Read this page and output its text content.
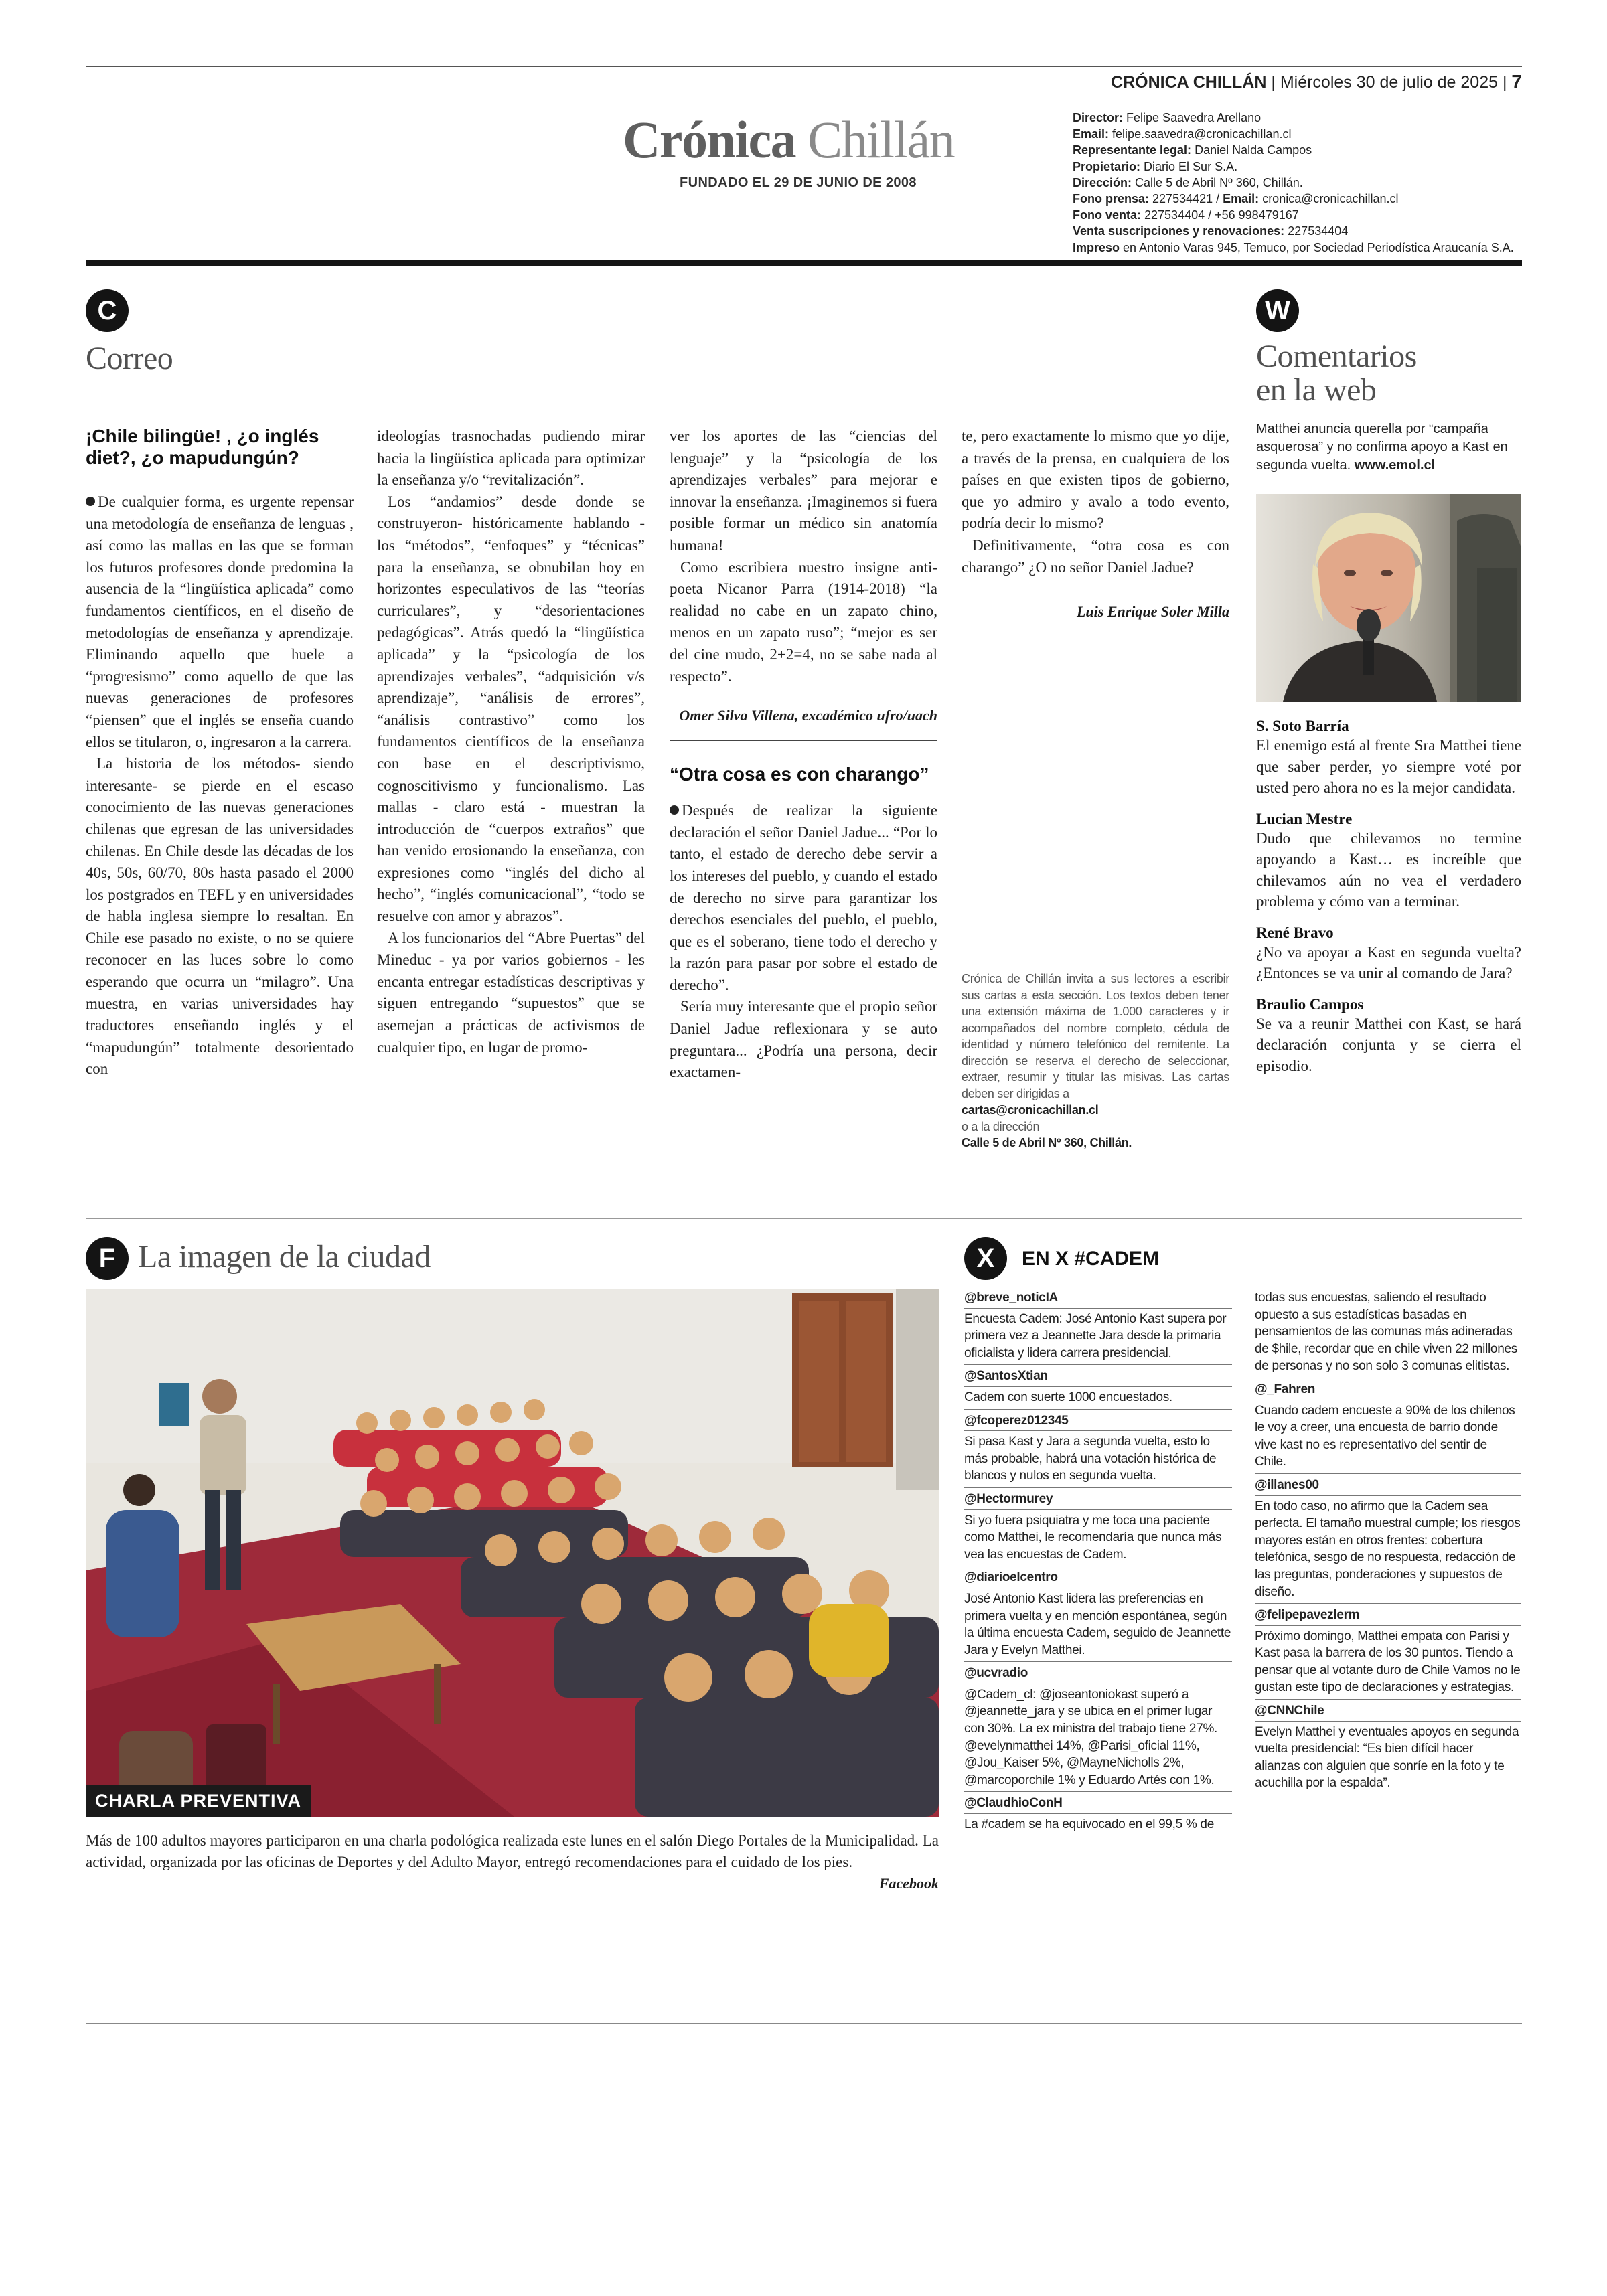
CRÓNICA CHILLÁN | Miércoles 30 de julio de 2025 | 7
Crónica Chillán
FUNDADO EL 29 DE JUNIO DE 2008
Director: Felipe Saavedra Arellano
Email: felipe.saavedra@cronicachillan.cl
Representante legal: Daniel Nalda Campos
Propietario: Diario El Sur S.A.
Dirección: Calle 5 de Abril Nº 360, Chillán.
Fono prensa: 227534421 / Email: cronica@cronicachillan.cl
Fono venta: 227534404 / +56 998479167
Venta suscripciones y renovaciones: 227534404
Impreso en Antonio Varas 945, Temuco, por Sociedad Periodística Araucanía S.A.
C
Correo
¡Chile bilingüe! , ¿o inglés diet?, ¿o mapudungún?

De cualquier forma, es urgente repensar una metodología de enseñanza de lenguas , así como las mallas en las que se forman los futuros profesores donde predomina la ausencia de la “lingüística aplicada” como fundamentos científicos, en el diseño de metodologías de enseñanza y aprendizaje. Eliminando aquello que huele a “progresismo” como aquello de que las nuevas generaciones de profesores “piensen” que el inglés se enseña cuando ellos se titularon, o, ingresaron a la carrera.

La historia de los métodos- siendo interesante- se pierde en el escaso conocimiento de las nuevas generaciones chilenas que egresan de las universidades chilenas. En Chile desde las décadas de los 40s, 50s, 60/70, 80s hasta pasado el 2000 los postgrados en TEFL y en universidades de habla inglesa siempre lo resaltan. En Chile ese pasado no existe, o no se quiere reconocer en las luces sobre lo como esperando que ocurra un “milagro”. Una muestra, en varias universidades hay traductores enseñando inglés y el “mapudungún” totalmente desorientado con

ideologías trasnochadas pudiendo mirar hacia la lingüística aplicada para optimizar la enseñanza y/o “revitalización”.

Los “andamios” desde donde se construyeron- históricamente hablando - los “métodos”, “enfoques” y “técnicas” para la enseñanza, se obnubilan hoy en horizontes especulativos de las “teorías curriculares”, y “desorientaciones pedagógicas”. Atrás quedó la “lingüística aplicada” y la “psicología de los aprendizajes verbales”, “adquisición v/s aprendizaje”, “análisis de errores”, “análisis contrastivo” como los fundamentos científicos de la enseñanza con base en el descriptivismo, cognoscitivismo y funcionalismo. Las mallas - claro está - muestran la introducción de “cuerpos extraños” que han venido erosionando la enseñanza, con expresiones como “inglés del dicho al hecho”, “inglés comunicacional”, “todo se resuelve con amor y abrazos”.

A los funcionarios del “Abre Puertas” del Mineduc - ya por varios gobiernos - les encanta entregar estadísticas descriptivas y siguen entregando “supuestos” que se asemejan a prácticas de activismos de cualquier tipo, en lugar de promo-

ver los aportes de las “ciencias del lenguaje” y la “psicología de los aprendizajes verbales” para mejorar e innovar la enseñanza. ¡Imaginemos si fuera posible formar un médico sin anatomía humana!

Como escribiera nuestro insigne anti-poeta Nicanor Parra (1914-2018) “la realidad no cabe en un zapato chino, menos en un zapato ruso”; “mejor es ser del cine mudo, 2+2=4, no se sabe nada al respecto”.

Omer Silva Villena, excadémico ufro/uach
“Otra cosa es con charango”

Después de realizar la siguiente declaración el señor Daniel Jadue... “Por lo tanto, el estado de derecho debe servir a los intereses del pueblo, y cuando el estado de derecho no sirve para garantizar los derechos esenciales del pueblo, el pueblo, que es el soberano, tiene todo el derecho y la razón para pasar por sobre el estado de derecho”.

Sería muy interesante que el propio señor Daniel Jadue reflexionara y se auto preguntara... ¿Podría una persona, decir exactamen-

te, pero exactamente lo mismo que yo dije, a través de la prensa, en cualquiera de los países en que existen tipos de gobierno, que yo admiro y avalo a todo evento, podría decir lo mismo?

Definitivamente, “otra cosa es con charango” ¿O no señor Daniel Jadue?

Luis Enrique Soler Milla
Crónica de Chillán invita a sus lectores a escribir sus cartas a esta sección. Los textos deben tener una extensión máxima de 1.000 caracteres y ir acompañados del nombre completo, cédula de identidad y número telefónico del remitente. La dirección se reserva el derecho de seleccionar, extraer, resumir y titular las misivas. Las cartas deben ser dirigidas a
cartas@cronicachillan.cl
o a la dirección
Calle 5 de Abril Nº 360, Chillán.
W
Comentarios
en la web
Matthei anuncia querella por “campaña asquerosa” y no confirma apoyo a Kast en segunda vuelta. www.emol.cl
S. Soto Barría
El enemigo está al frente Sra Matthei tiene que saber perder, yo siempre voté por usted pero ahora no es la mejor candidata.
Lucian Mestre
Dudo que chilevamos no termine apoyando a Kast… es increíble que chilevamos aún no vea el verdadero problema y cómo van a terminar.
René Bravo
¿No va apoyar a Kast en segunda vuelta? ¿Entonces se va unir al comando de Jara?
Braulio Campos
Se va a reunir Matthei con Kast, se hará declaración conjunta y se cierra el episodio.
F La imagen de la ciudad
CHARLA PREVENTIVA
Más de 100 adultos mayores participaron en una charla podológica realizada este lunes en el salón Diego Portales de la Municipalidad. La actividad, organizada por las oficinas de Deportes y del Adulto Mayor, entregó recomendaciones para el cuidado de los pies.
Facebook
X	EN X #CADEM
@breve_noticIA
Encuesta Cadem: José Antonio Kast supera por primera vez a Jeannette Jara desde la primaria oficialista y lidera carrera presidencial.
@SantosXtian
Cadem con suerte 1000 encuestados.
@fcoperez012345
Si pasa Kast y Jara a segunda vuelta, esto lo más probable, habrá una votación histórica de blancos y nulos en segunda vuelta.
@Hectormurey
Si yo fuera psiquiatra y me toca una paciente como Matthei, le recomendaría que nunca más vea las encuestas de Cadem.
@diarioelcentro
José Antonio Kast lidera las preferencias en primera vuelta y en mención espontánea, según la última encuesta Cadem, seguido de Jeannette Jara y Evelyn Matthei.
@ucvradio
@Cadem_cl: @joseantoniokast superó a @jeannette_jara y se ubica en el primer lugar con 30%. La ex ministra del trabajo tiene 27%. @evelynmatthei 14%, @Parisi_oficial 11%, @Jou_Kaiser 5%, @MayneNicholls 2%, @marcoporchile 1% y Eduardo Artés con 1%.
@ClaudhioConH
La #cadem se ha equivocado en el 99,5 % de
todas sus encuestas, saliendo el resultado opuesto a sus estadísticas basadas en pensamientos de las comunas más adineradas de $hile, recordar que en chile viven 22 millones de personas y no son solo 3 comunas elitistas.
@_Fahren
Cuando cadem encueste a 90% de los chilenos le voy a creer, una encuesta de barrio donde vive kast no es representativo del sentir de Chile.
@illanes00
En todo caso, no afirmo que la Cadem sea perfecta. El tamaño muestral cumple; los riesgos mayores están en otros frentes: cobertura telefónica, sesgo de no respuesta, redacción de las preguntas, ponderaciones y supuestos de diseño.
@felipepavezlerm
Próximo domingo, Matthei empata con Parisi y Kast pasa la barrera de los 30 puntos. Tiendo a pensar que al votante duro de Chile Vamos no le gustan este tipo de declaraciones y estrategias.
@CNNChile
Evelyn Matthei y eventuales apoyos en segunda vuelta presidencial: “Es bien difícil hacer alianzas con alguien que sonríe en la foto y te acuchilla por la espalda”.
